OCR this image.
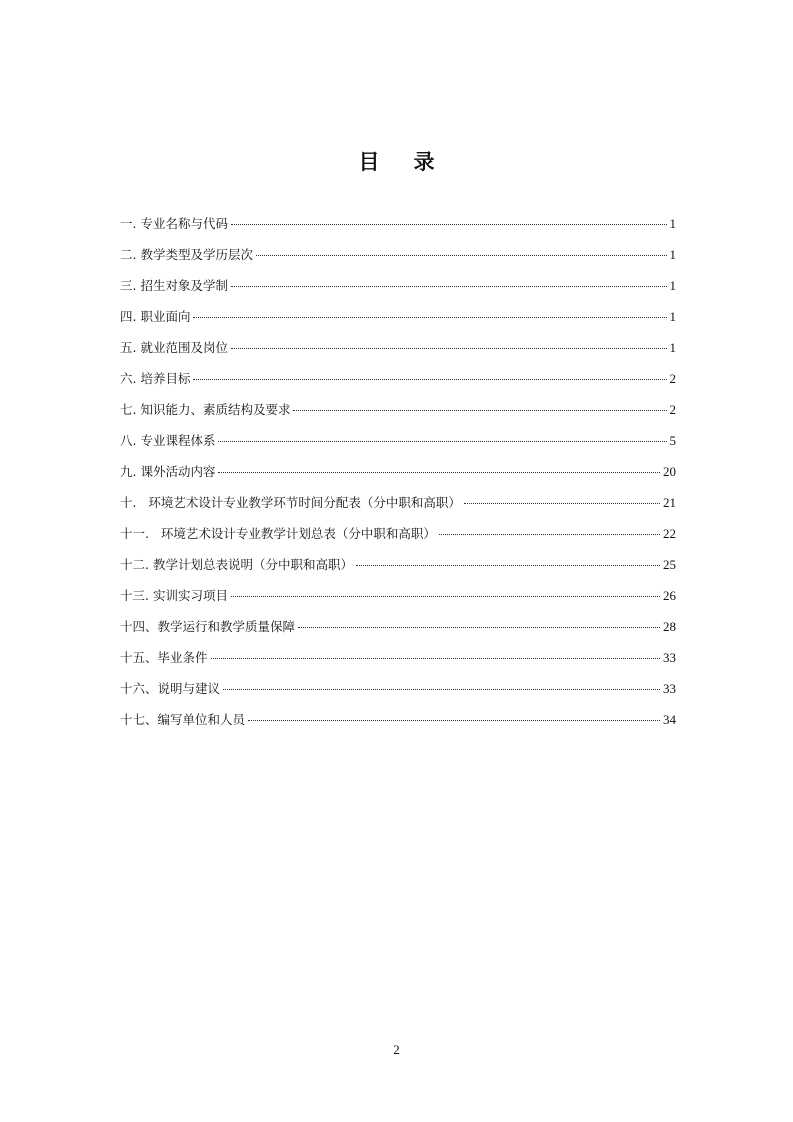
目录
一. 专业名称与代码	1
二. 教学类型及学历层次	1
三. 招生对象及学制	1
四. 职业面向	1
五. 就业范围及岗位	1
六. 培养目标	2
七. 知识能力、素质结构及要求	2
八. 专业课程体系	5
九. 课外活动内容	20
十.   环境艺术设计专业教学环节时间分配表（分中职和高职）	21
十一.   环境艺术设计专业教学计划总表（分中职和高职）	22
十二. 教学计划总表说明（分中职和高职）	25
十三. 实训实习项目	26
十四、教学运行和教学质量保障	28
十五、毕业条件	33
十六、说明与建议	33
十七、编写单位和人员	34
2
